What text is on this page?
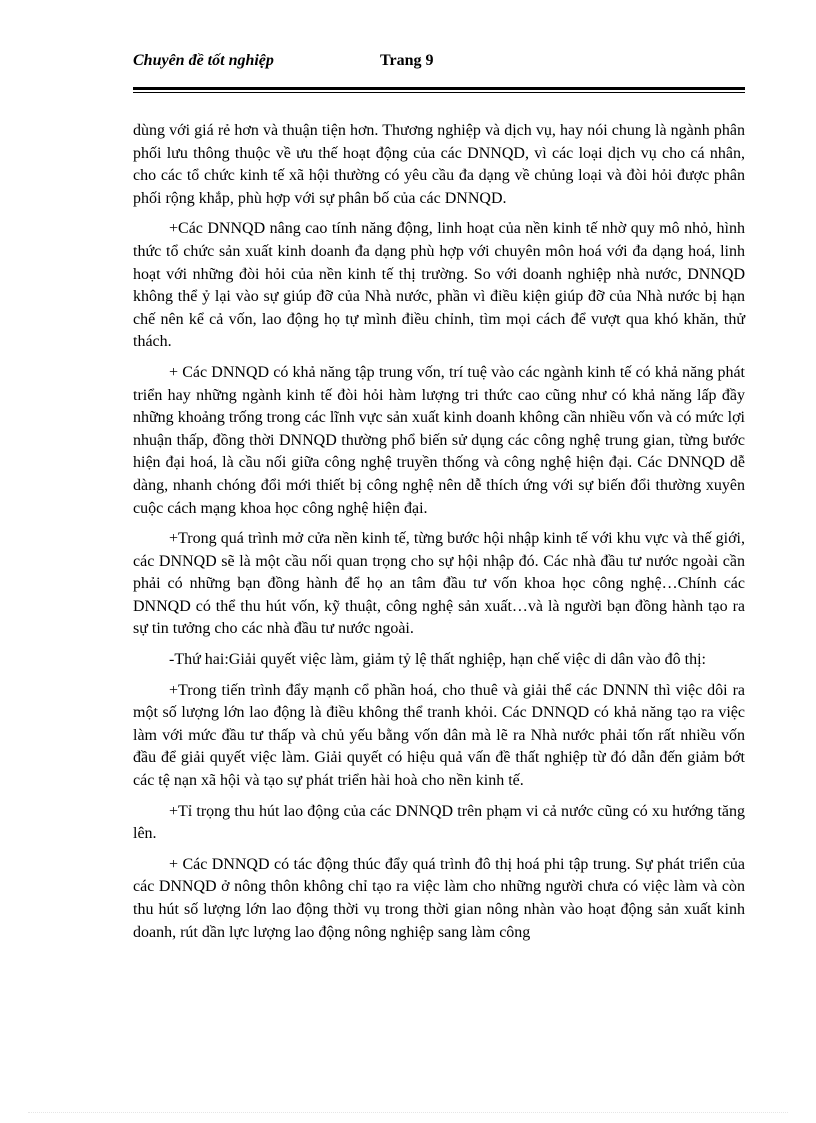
Chuyên đề tốt nghiệp	Trang 9

dùng với giá rẻ hơn và thuận tiện hơn. Thương nghiệp và dịch vụ, hay nói chung là ngành phân phối lưu thông thuộc về ưu thế hoạt động của các DNNQD, vì các loại dịch vụ cho cá nhân, cho các tổ chức kinh tế xã hội thường có yêu cầu đa dạng về chủng loại và đòi hỏi được phân phối rộng khắp, phù hợp với sự phân bố của các DNNQD.

+Các DNNQD nâng cao tính năng động, linh hoạt của nền kinh tế nhờ quy mô nhỏ, hình thức tổ chức sản xuất kinh doanh đa dạng phù hợp với chuyên môn hoá với đa dạng hoá, linh hoạt với những đòi hỏi của nền kinh tế thị trường. So với doanh nghiệp nhà nước, DNNQD không thể ỷ lại vào sự giúp đỡ của Nhà nước, phần vì điều kiện giúp đỡ của Nhà nước bị hạn chế nên kể cả vốn, lao động họ tự mình điều chỉnh, tìm mọi cách để vượt qua khó khăn, thử thách.

+ Các DNNQD có khả năng tập trung vốn, trí tuệ vào các ngành kinh tế có khả năng phát triển hay những ngành kinh tế đòi hỏi hàm lượng tri thức cao cũng như có khả năng lấp đầy những khoảng trống trong các lĩnh vực sản xuất kinh doanh không cần nhiều vốn và có mức lợi nhuận thấp, đồng thời DNNQD thường phổ biến sử dụng các công nghệ trung gian, từng bước hiện đại hoá, là cầu nối giữa công nghệ truyền thống và công nghệ hiện đại. Các DNNQD dễ dàng, nhanh chóng đổi mới thiết bị công nghệ nên dễ thích ứng với sự biến đổi thường xuyên cuộc cách mạng khoa học công nghệ hiện đại.

+Trong quá trình mở cửa nền kinh tế, từng bước hội nhập kinh tế với khu vực và thế giới, các DNNQD sẽ là một cầu nối quan trọng cho sự hội nhập đó. Các nhà đầu tư nước ngoài cần phải có những bạn đồng hành để họ an tâm đầu tư vốn khoa học công nghệ…Chính các DNNQD có thể thu hút vốn, kỹ thuật, công nghệ sản xuất…và là người bạn đồng hành tạo ra sự tin tưởng cho các nhà đầu tư nước ngoài.

-Thứ hai:Giải quyết việc làm, giảm tỷ lệ thất nghiệp, hạn chế việc di dân vào đô thị:

+Trong tiến trình đẩy mạnh cổ phần hoá, cho thuê và giải thể các DNNN thì việc dôi ra một số lượng lớn lao động là điều không thể tranh khỏi. Các DNNQD có khả năng tạo ra việc làm với mức đầu tư thấp và chủ yếu bằng vốn dân mà lẽ ra Nhà nước phải tốn rất nhiều vốn đầu để giải quyết việc làm. Giải quyết có hiệu quả vấn đề thất nghiệp từ đó dẫn đến giảm bớt các tệ nạn xã hội và tạo sự phát triển hài hoà cho nền kinh tế.

+Tỉ trọng thu hút lao động của các DNNQD trên phạm vi cả nước cũng có xu hướng tăng lên.

+ Các DNNQD có tác động thúc đẩy quá trình đô thị hoá phi tập trung. Sự phát triển của các DNNQD ở nông thôn không chỉ tạo ra việc làm cho những người chưa có việc làm và còn thu hút số lượng lớn lao động thời vụ trong thời gian nông nhàn vào hoạt động sản xuất kinh doanh, rút dần lực lượng lao động nông nghiệp sang làm công
